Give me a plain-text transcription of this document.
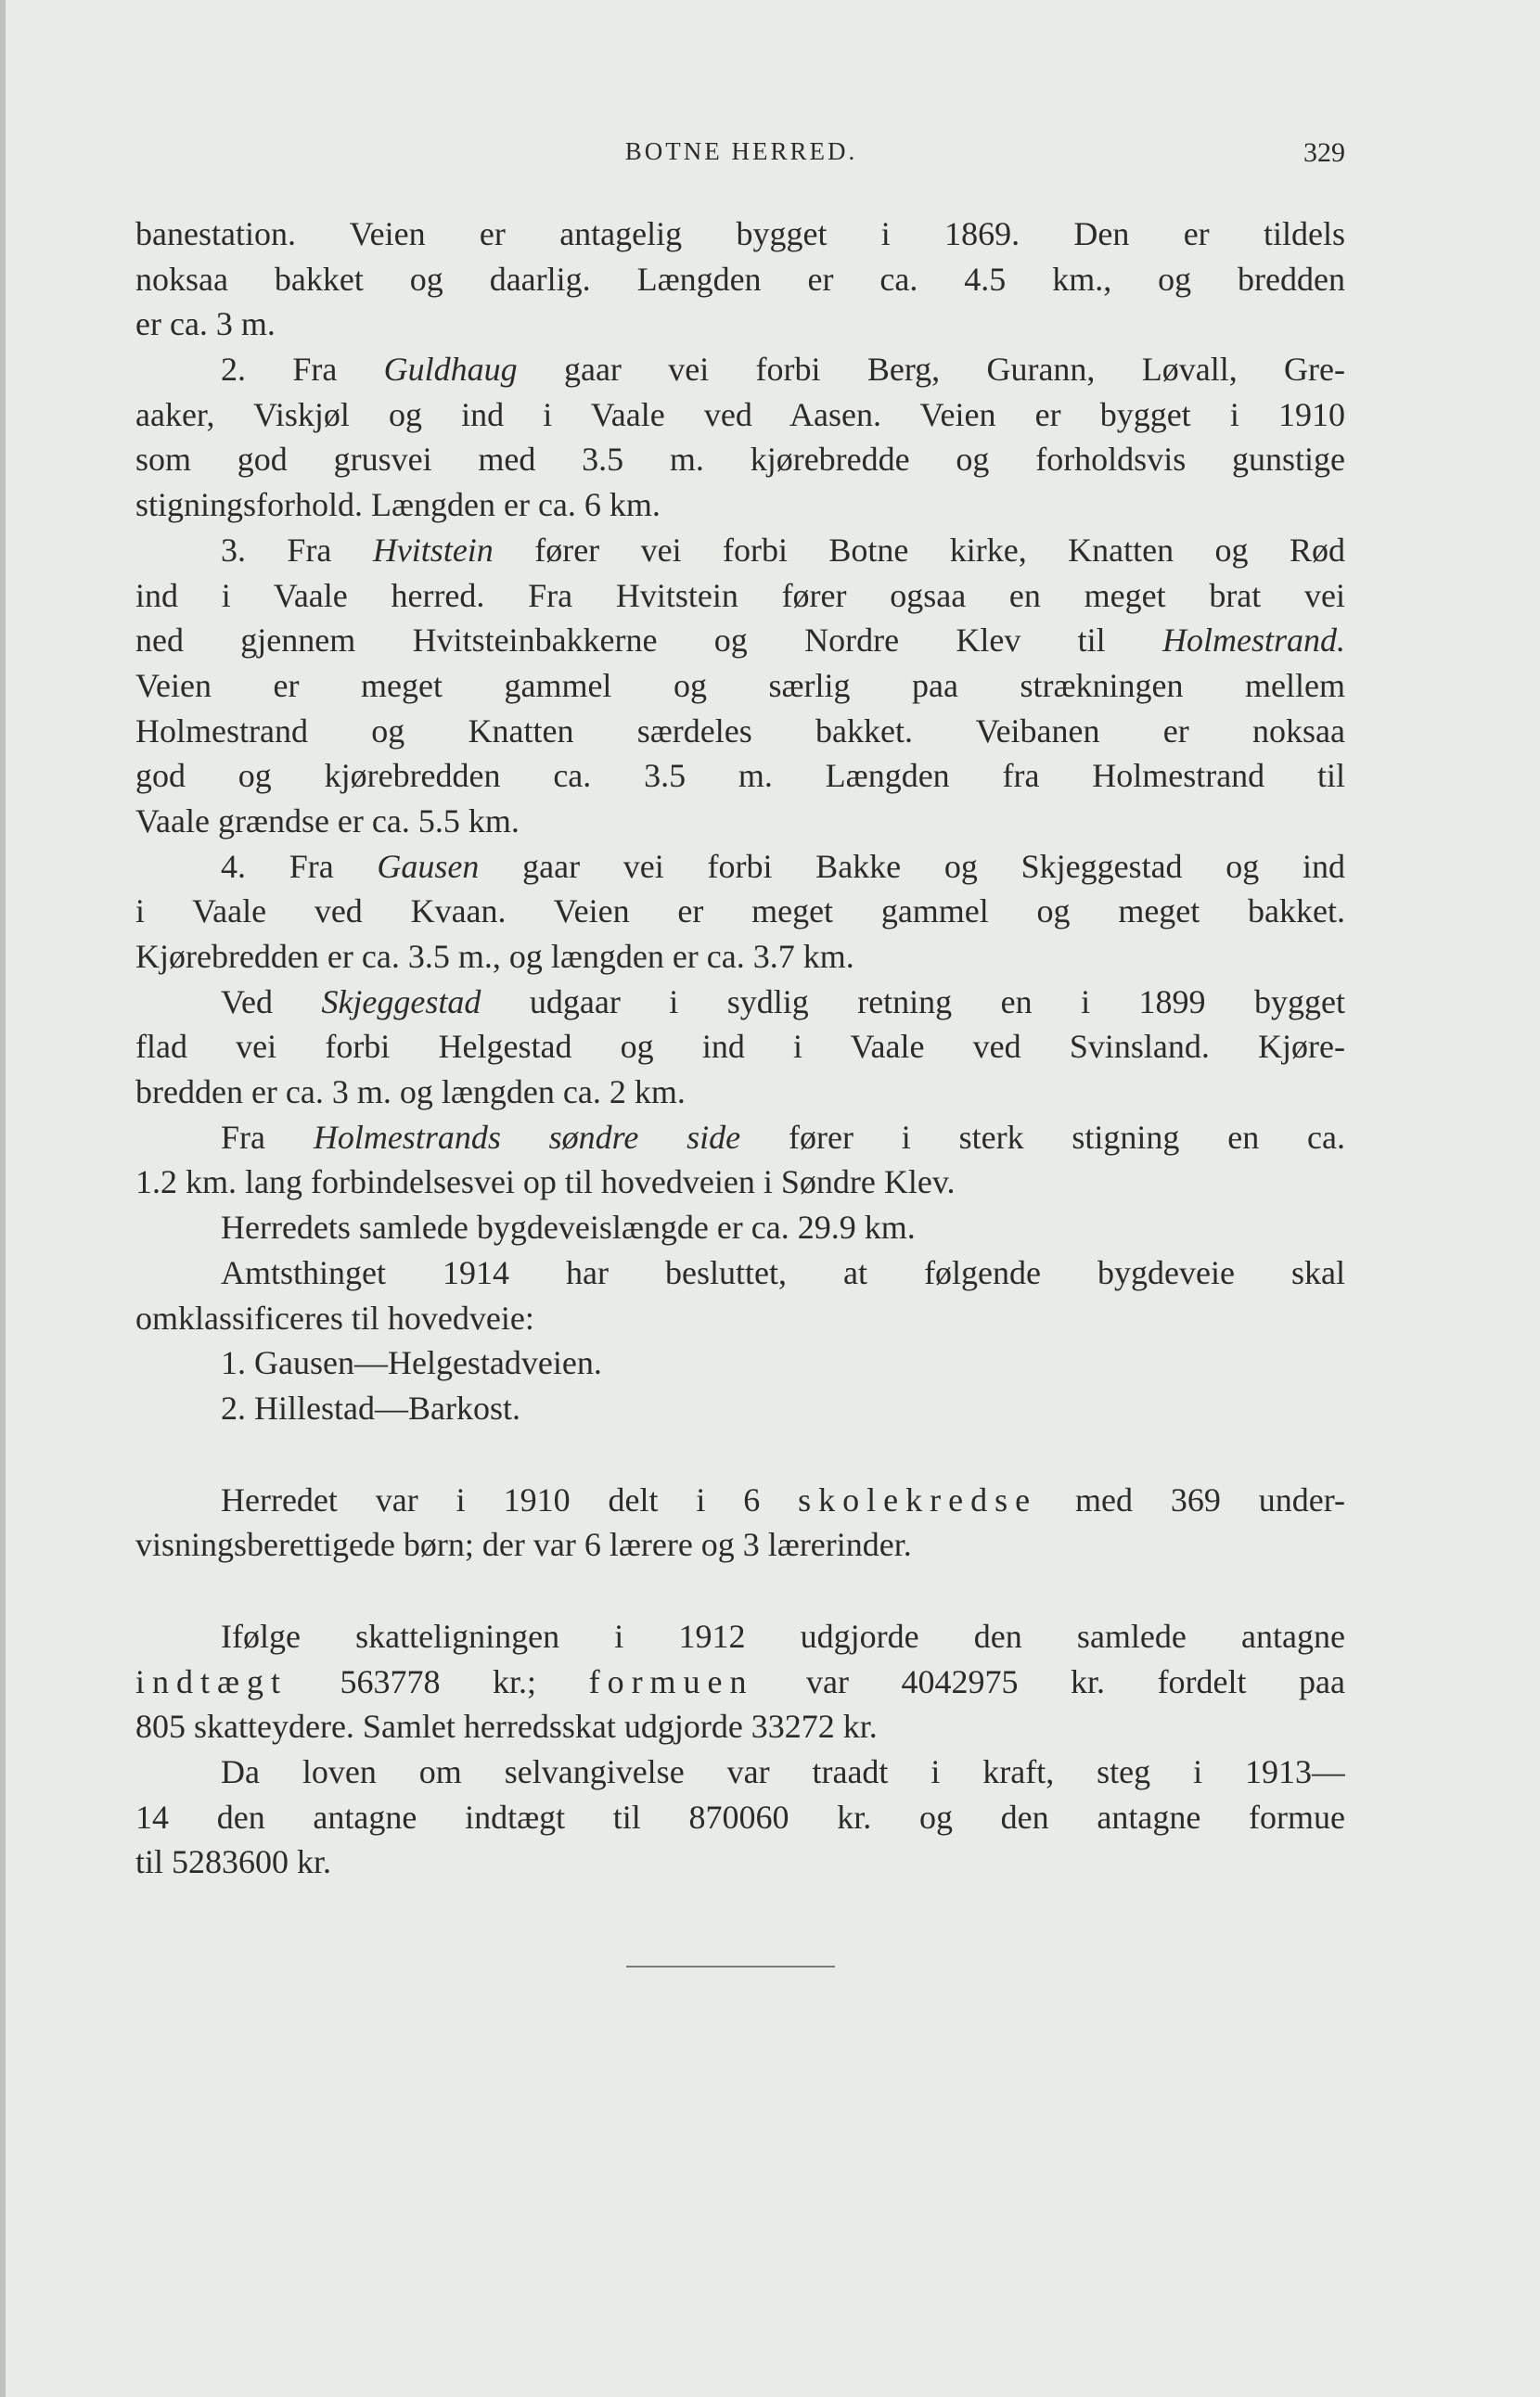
BOTNE HERRED.	329
banestation. Veien er antagelig bygget i 1869. Den er tildels
noksaa bakket og daarlig. Længden er ca. 4.5 km., og bredden
er ca. 3 m.
2. Fra Guldhaug gaar vei forbi Berg, Gurann, Løvall, Gre-
aaker, Viskjøl og ind i Vaale ved Aasen. Veien er bygget i 1910
som god grusvei med 3.5 m. kjørebredde og forholdsvis gunstige
stigningsforhold. Længden er ca. 6 km.
3. Fra Hvitstein fører vei forbi Botne kirke, Knatten og Rød
ind i Vaale herred. Fra Hvitstein fører ogsaa en meget brat vei
ned gjennem Hvitsteinbakkerne og Nordre Klev til Holmestrand.
Veien er meget gammel og særlig paa strækningen mellem
Holmestrand og Knatten særdeles bakket. Veibanen er noksaa
god og kjørebredden ca. 3.5 m. Længden fra Holmestrand til
Vaale grændse er ca. 5.5 km.
4. Fra Gausen gaar vei forbi Bakke og Skjeggestad og ind
i Vaale ved Kvaan. Veien er meget gammel og meget bakket.
Kjørebredden er ca. 3.5 m., og længden er ca. 3.7 km.
Ved Skjeggestad udgaar i sydlig retning en i 1899 bygget
flad vei forbi Helgestad og ind i Vaale ved Svinsland. Kjøre-
bredden er ca. 3 m. og længden ca. 2 km.
Fra Holmestrands søndre side fører i sterk stigning en ca.
1.2 km. lang forbindelsesvei op til hovedveien i Søndre Klev.
Herredets samlede bygdeveislængde er ca. 29.9 km.
Amtsthinget 1914 har besluttet, at følgende bygdeveie skal
omklassificeres til hovedveie:
1. Gausen—Helgestadveien.
2. Hillestad—Barkost.
Herredet var i 1910 delt i 6 skolekredse med 369 under-
visningsberettigede børn; der var 6 lærere og 3 lærerinder.
Ifølge skatteligningen i 1912 udgjorde den samlede antagne
indtægt 563778 kr.; formuen var 4042975 kr. fordelt paa
805 skatteydere. Samlet herredsskat udgjorde 33272 kr.
Da loven om selvangivelse var traadt i kraft, steg i 1913—
14 den antagne indtægt til 870060 kr. og den antagne formue
til 5283600 kr.
